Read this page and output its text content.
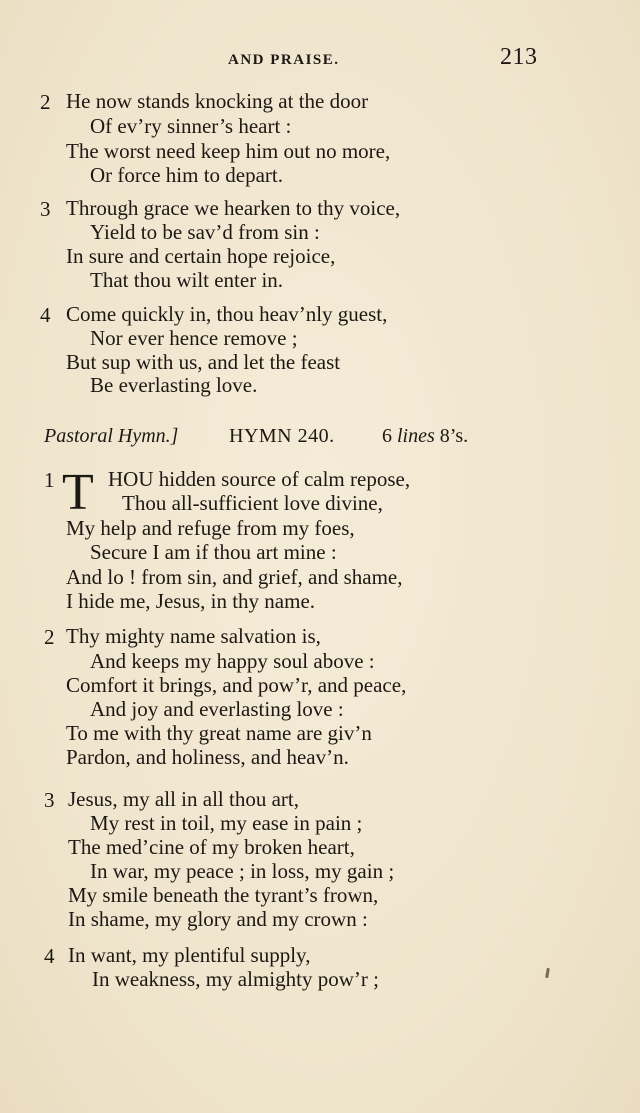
AND PRAISE.	213
2 He now stands knocking at the door
Of ev’ry sinner’s heart :
The worst need keep him out no more,
Or force him to depart.
3 Through grace we hearken to thy voice,
Yield to be sav’d from sin :
In sure and certain hope rejoice,
That thou wilt enter in.
4 Come quickly in, thou heav’nly guest,
Nor ever hence remove ;
But sup with us, and let the feast
Be everlasting love.
Pastoral Hymn.]	HYMN 240. 6 lines 8’s.
1 T HOU hidden source of calm repose,
Thou all-sufficient love divine,
My help and refuge from my foes,
Secure I am if thou art mine :
And lo ! from sin, and grief, and shame,
I hide me, Jesus, in thy name.
2 Thy mighty name salvation is,
And keeps my happy soul above :
Comfort it brings, and pow’r, and peace,
And joy and everlasting love :
To me with thy great name are giv’n
Pardon, and holiness, and heav’n.
3 Jesus, my all in all thou art,
My rest in toil, my ease in pain ;
The med’cine of my broken heart,
In war, my peace ; in loss, my gain ;
My smile beneath the tyrant’s frown,
In shame, my glory and my crown :
4 In want, my plentiful supply,
In weakness, my almighty pow’r ;
